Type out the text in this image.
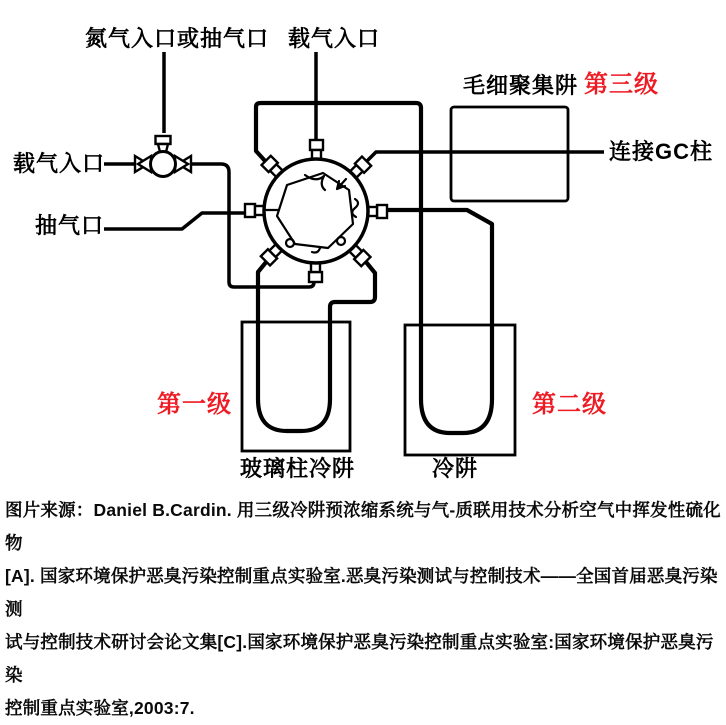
氮气入口或抽气口 载气入口
毛细聚集阱 第三级
连接GC柱
载气入口
抽气口
第一级	第二级
玻璃柱冷阱	冷阱
图片来源：Daniel B.Cardin. 用三级冷阱预浓缩系统与气-质联用技术分析空气中挥发性硫化物
[A]. 国家环境保护恶臭污染控制重点实验室.恶臭污染测试与控制技术——全国首届恶臭污染测
试与控制技术研讨会论文集[C].国家环境保护恶臭污染控制重点实验室:国家环境保护恶臭污染
控制重点实验室,2003:7.
